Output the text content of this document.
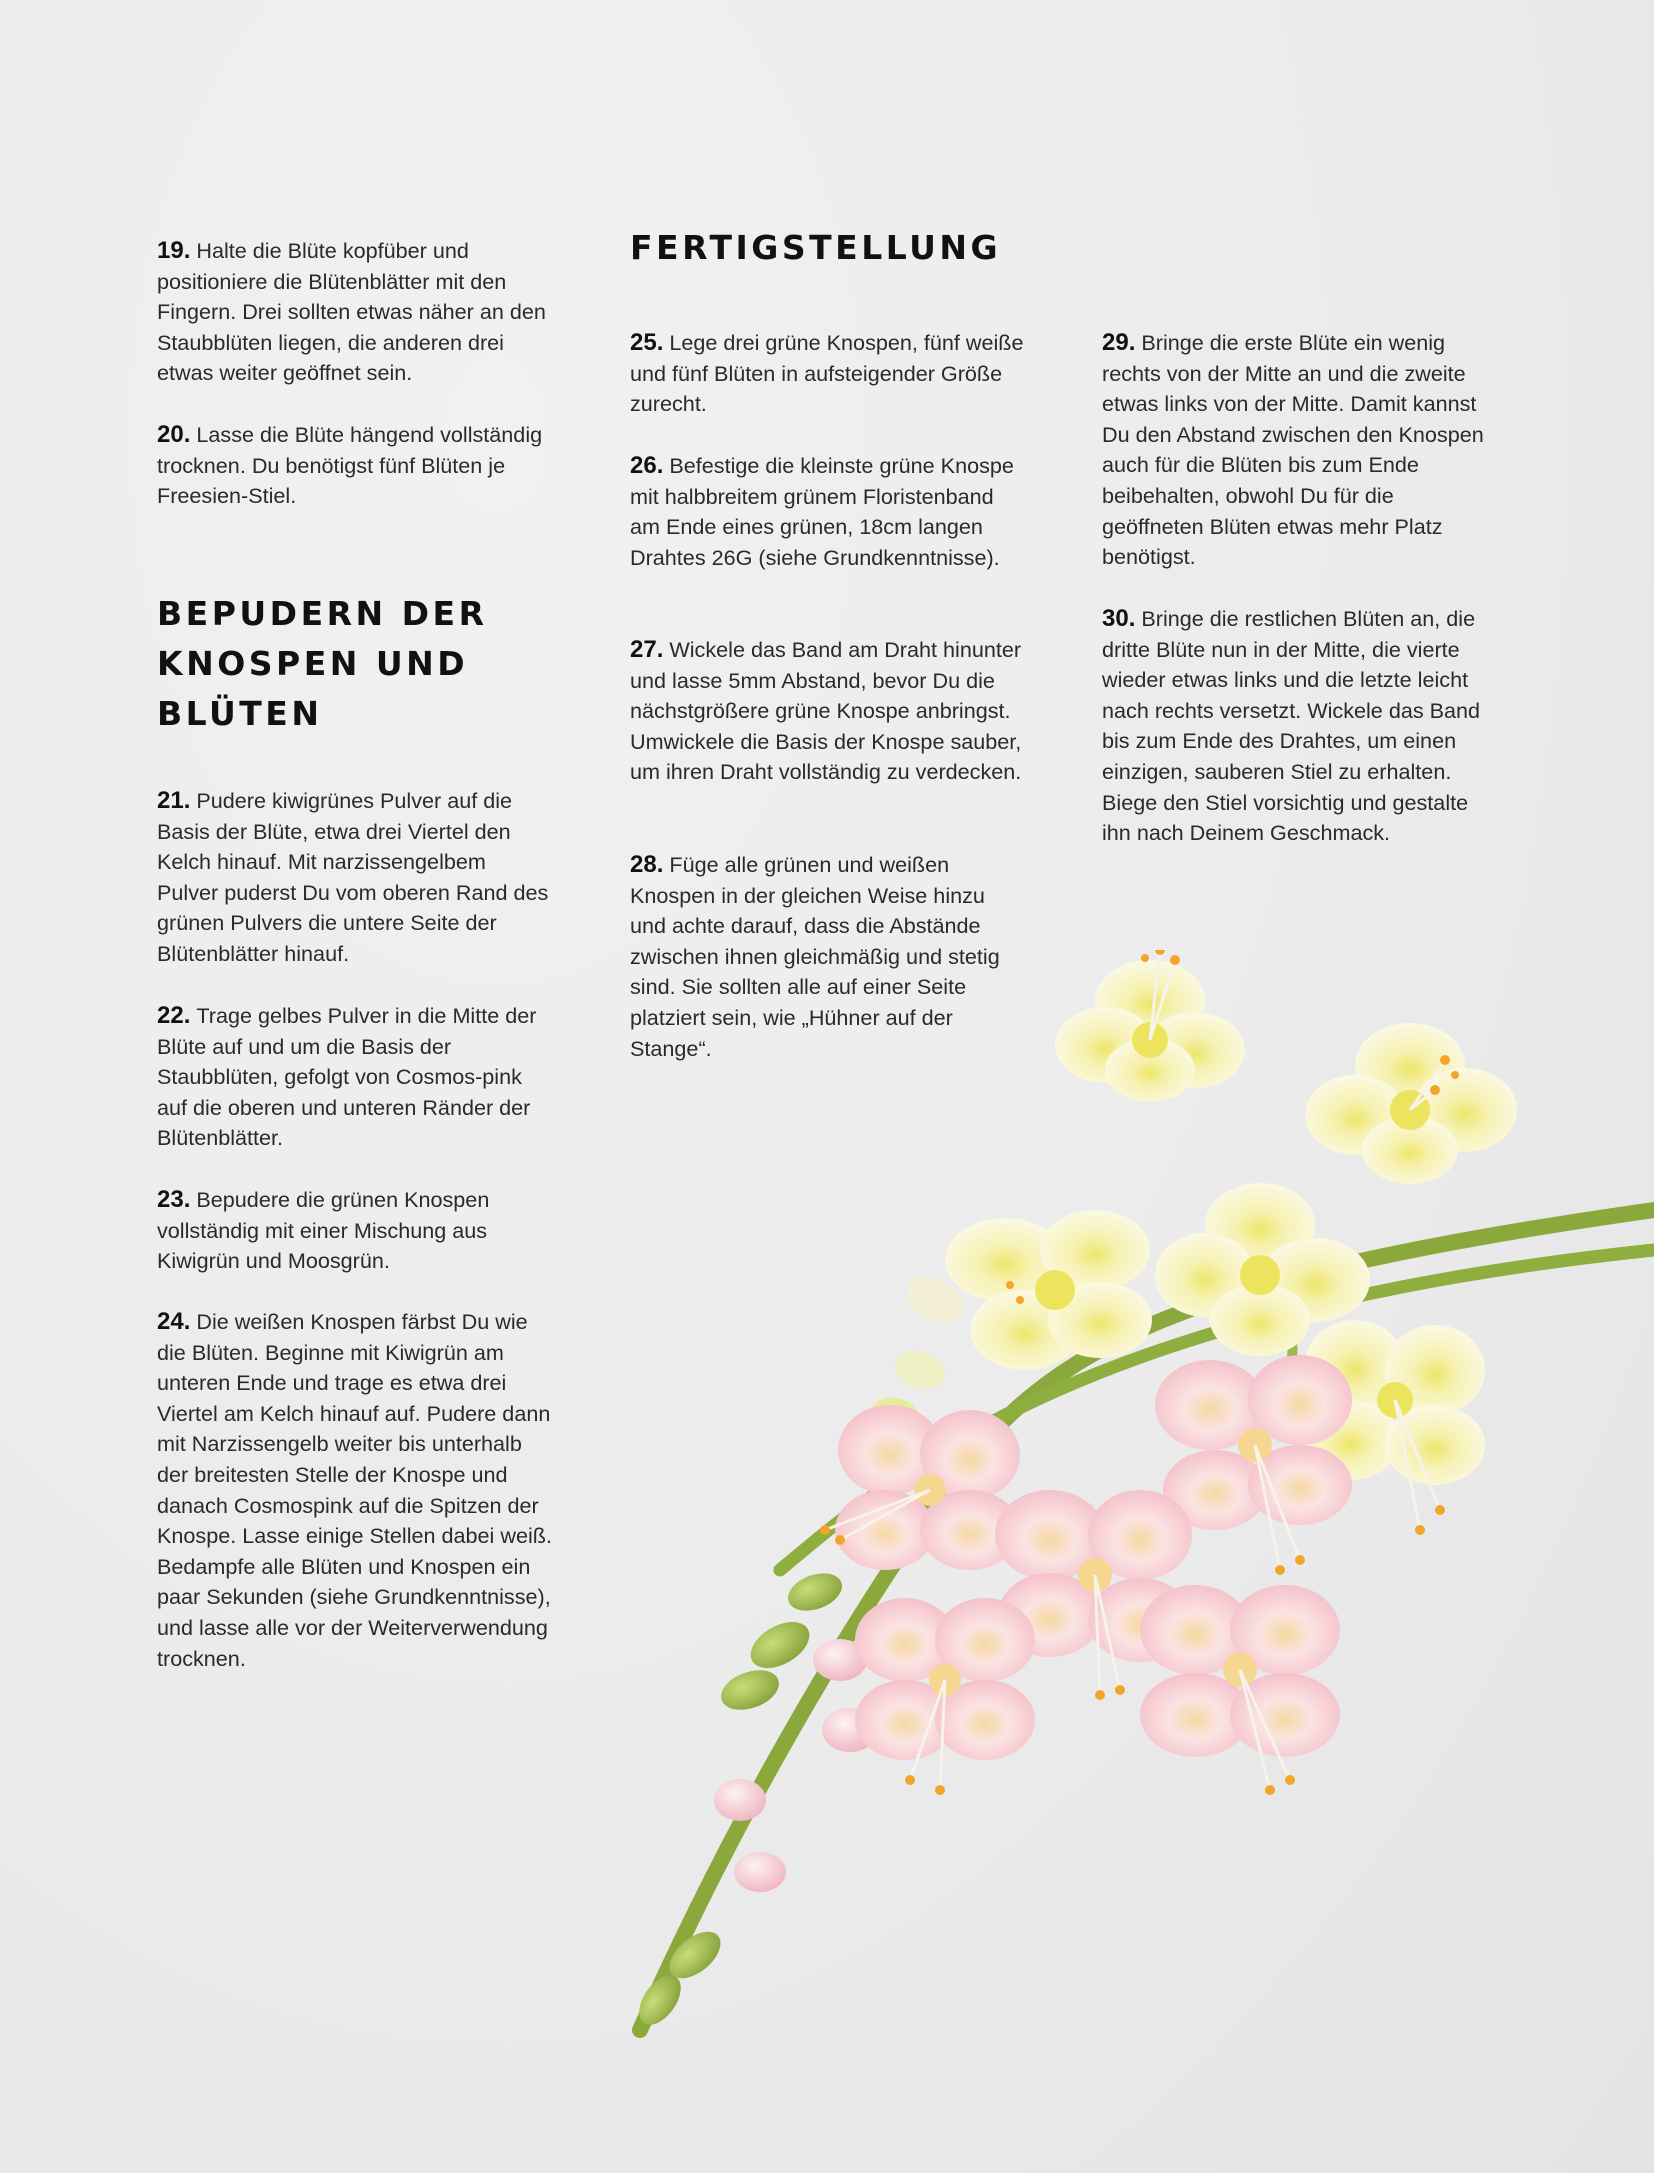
19. Halte die Blüte kopfüber und positioniere die Blütenblätter mit den Fingern. Drei sollten etwas näher an den Staubblüten liegen, die anderen drei etwas weiter geöffnet sein.

20. Lasse die Blüte hängend vollständig trocknen. Du benötigst fünf Blüten je Freesien-Stiel.

BEPUDERN DER
KNOSPEN UND
BLÜTEN

21. Pudere kiwigrünes Pulver auf die Basis der Blüte, etwa drei Viertel den Kelch hinauf. Mit narzissengelbem Pulver puderst Du vom oberen Rand des grünen Pulvers die untere Seite der Blütenblätter hinauf.

22. Trage gelbes Pulver in die Mitte der Blüte auf und um die Basis der Staubblüten, gefolgt von Cosmos-pink auf die oberen und unteren Ränder der Blütenblätter.

23. Bepudere die grünen Knospen vollständig mit einer Mischung aus Kiwigrün und Moosgrün.

24. Die weißen Knospen färbst Du wie die Blüten. Beginne mit Kiwigrün am unteren Ende und trage es etwa drei Viertel am Kelch hinauf auf. Pudere dann mit Narzissengelb weiter bis unterhalb der breitesten Stelle der Knospe und danach Cosmospink auf die Spitzen der Knospe. Lasse einige Stellen dabei weiß. Bedampfe alle Blüten und Knospen ein paar Sekunden (siehe Grundkenntnisse), und lasse alle vor der Weiterverwendung trocknen.

FERTIGSTELLUNG

25. Lege drei grüne Knospen, fünf weiße und fünf Blüten in aufsteigender Größe zurecht.

26. Befestige die kleinste grüne Knospe mit halbbreitem grünem Floristenband am Ende eines grünen, 18cm langen Drahtes 26G (siehe Grundkenntnisse).

27. Wickele das Band am Draht hinunter und lasse 5mm Abstand, bevor Du die nächstgrößere grüne Knospe anbringst. Umwickele die Basis der Knospe sauber, um ihren Draht vollständig zu verdecken.

28. Füge alle grünen und weißen Knospen in der gleichen Weise hinzu und achte darauf, dass die Abstände zwischen ihnen gleichmäßig und stetig sind. Sie sollten alle auf einer Seite platziert sein, wie „Hühner auf der Stange“.

29. Bringe die erste Blüte ein wenig rechts von der Mitte an und die zweite etwas links von der Mitte. Damit kannst Du den Abstand zwischen den Knospen auch für die Blüten bis zum Ende beibehalten, obwohl Du für die geöffneten Blüten etwas mehr Platz benötigst.

30. Bringe die restlichen Blüten an, die dritte Blüte nun in der Mitte, die vierte wieder etwas links und die letzte leicht nach rechts versetzt. Wickele das Band bis zum Ende des Drahtes, um einen einzigen, sauberen Stiel zu erhalten. Biege den Stiel vorsichtig und gestalte ihn nach Deinem Geschmack.
